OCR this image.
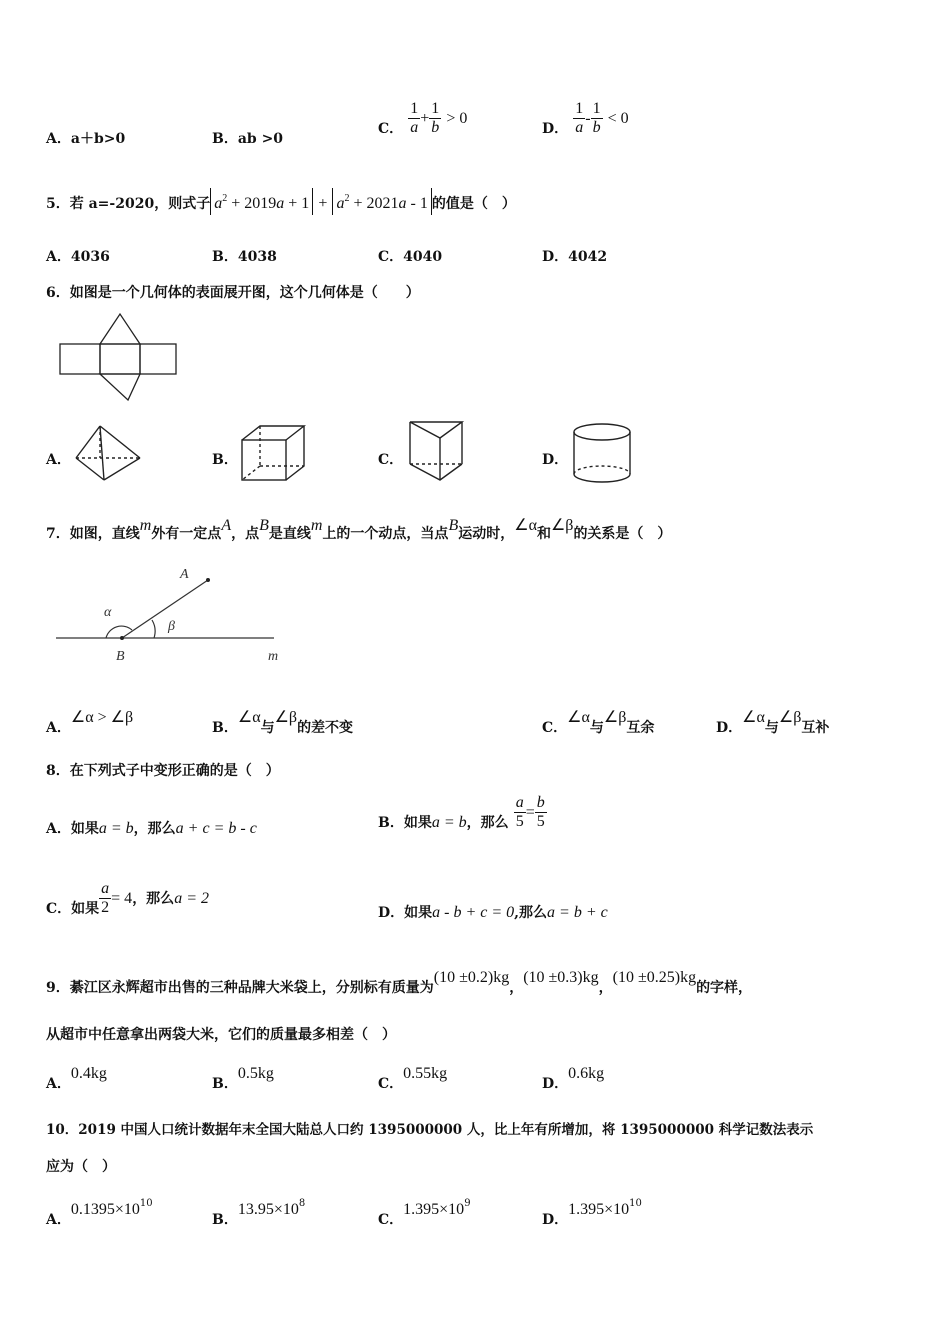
A．a＋b>0	B．ab >0
C． $\frac{1}{a} + \frac{1}{b} > 0$
D． $\frac{1}{a} - \frac{1}{b} < 0$
5．若 a=-2020，则式子 $a^2 + 2019a + 1 + a^2 + 2021a - 1$ 的值是（　）
A．4036	B．4038	C．4040	D．4042
6．如图是一个几何体的表面展开图，这个几何体是（　　）
A．	B．	C．	D．
7．如图，直线m外有一定点A，点B是直线m上的一个动点，当点B运动时，∠α和∠β的关系是（　）
A
B	m
α
β
A．∠α > ∠β
B．∠α与∠β的差不变	C．∠α与∠β互余	D．∠α与∠β互补
8．在下列式子中变形正确的是（　）
A．如果a = b，那么a + c = b - c	B．如果a = b，那么 $\frac{a}{5} = \frac{b}{5}$
C．如果 $\frac{a}{2} = 4$，那么a = 2
D．如果a - b + c = 0,那么a = b + c
9．綦江区永辉超市出售的三种品牌大米袋上，分别标有质量为(10 ±0.2)kg，(10 ±0.3)kg，(10 ±0.25)kg的字样，
从超市中任意拿出两袋大米，它们的质量最多相差（　）
A．0.4kg
B．0.5kg
C．0.55kg
D．0.6kg
10．2019 中国人口统计数据年末全国大陆总人口约 1395000000 人，比上年有所增加，将 1395000000 科学记数法表示
应为（　）
A．$0.1395\times 10^{10}$
B．$13.95\times 10^8$
C．$1.395\times 10^9$
D．$1.395\times 10^{10}$
